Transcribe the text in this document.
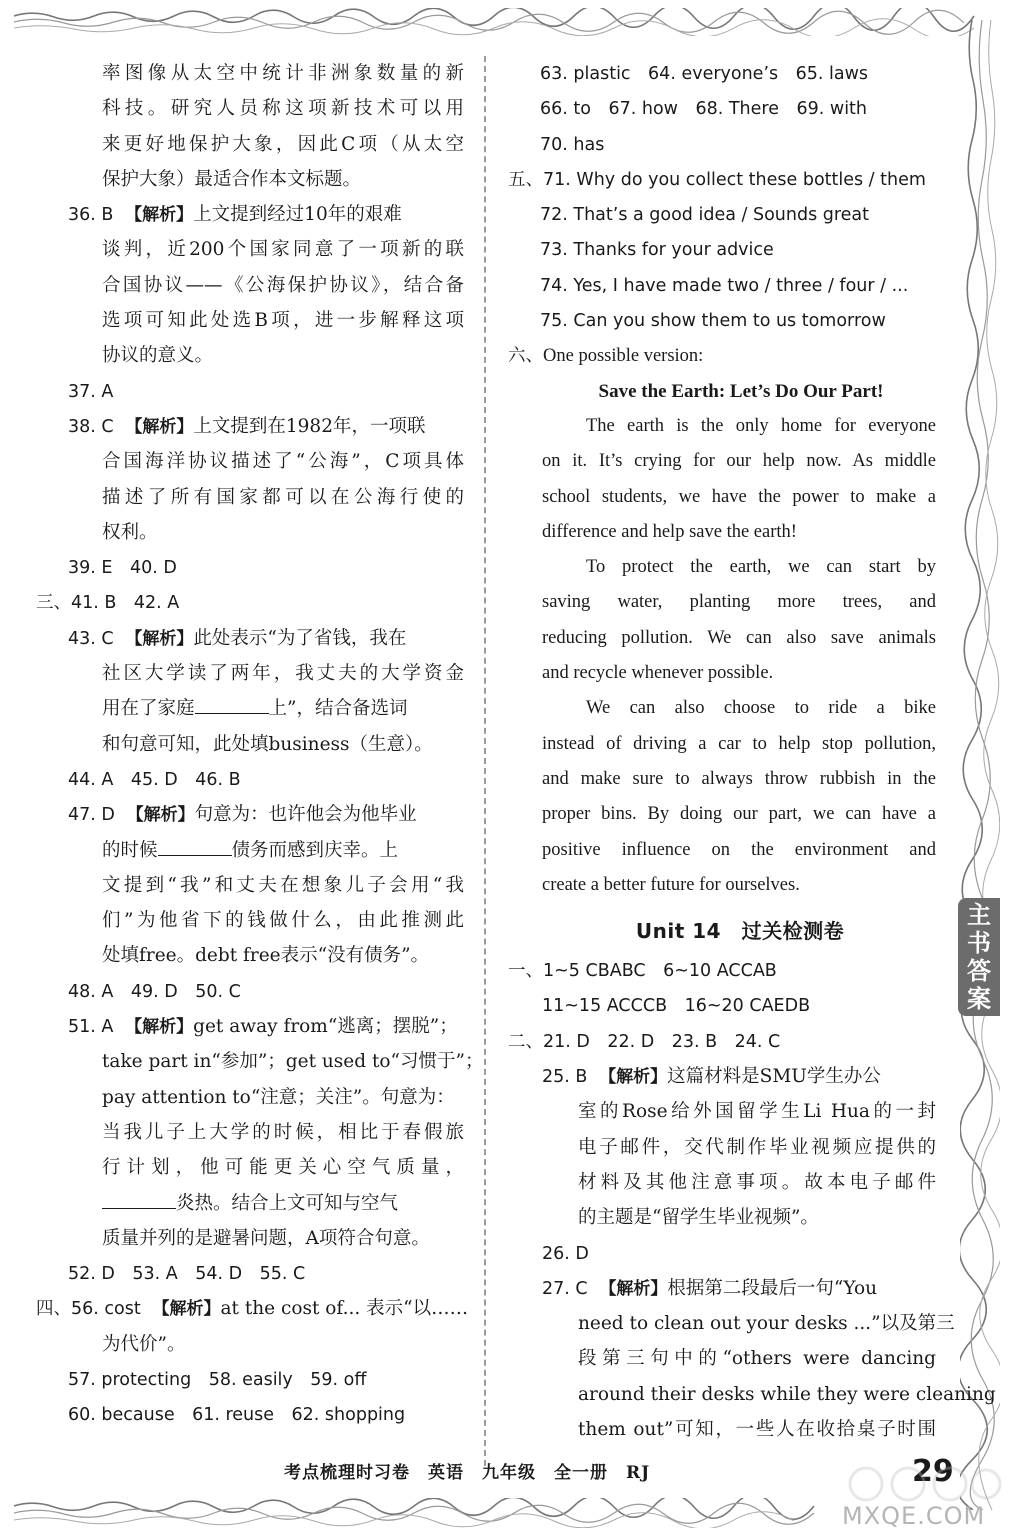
率图像从太空中统计非洲象数量的新
科技。研究人员称这项新技术可以用
来更好地保护大象，因此C项（从太空
保护大象）最适合作本文标题。
36. B 【解析】上文提到经过10年的艰难
谈判，近200个国家同意了一项新的联
合国协议——《公海保护协议》，结合备
选项可知此处选B项，进一步解释这项
协议的意义。
37. A
38. C 【解析】上文提到在1982年，一项联
合国海洋协议描述了“公海”，C项具体
描述了所有国家都可以在公海行使的
权利。
39. E　40. D
三、41. B　42. A
43. C 【解析】此处表示“为了省钱，我在
社区大学读了两年，我丈夫的大学资金
用在了家庭	上”，结合备选词
和句意可知，此处填business（生意）。
44. A　45. D　46. B
47. D 【解析】句意为：也许他会为他毕业
的时候	债务而感到庆幸。上
文提到“我”和丈夫在想象儿子会用“我
们”为他省下的钱做什么，由此推测此
处填free。debt free表示“没有债务”。
48. A　49. D　50. C
51. A 【解析】get away from“逃离；摆脱”；
take part in“参加”；get used to“习惯于”；
pay attention to“注意；关注”。句意为：
当我儿子上大学的时候，相比于春假旅
行计划，他可能更关心空气质量，
炎热。结合上文可知与空气
质量并列的是避暑问题，A项符合句意。
52. D　53. A　54. D　55. C
四、56. cost 【解析】at the cost of... 表示“以……
为代价”。
57. protecting　58. easily　59. off
60. because　61. reuse　62. shopping
63. plastic　64. everyone’s　65. laws
66. to　67. how　68. There　69. with
70. has
五、71. Why do you collect these bottles / them
72. That’s a good idea / Sounds great
73. Thanks for your advice
74. Yes, I have made two / three / four / ...
75. Can you show them to us tomorrow
六、One possible version:
Save the Earth: Let’s Do Our Part!
The earth is the only home for everyone
on it. It’s crying for our help now. As middle
school students, we have the power to make a
difference and help save the earth!
To protect the earth, we can start by
saving water, planting more trees, and
reducing pollution. We can also save animals
and recycle whenever possible.
We can also choose to ride a bike
instead of driving a car to help stop pollution,
and make sure to always throw rubbish in the
proper bins. By doing our part, we can have a
positive influence on the environment and
create a better future for ourselves.
Unit 14　过关检测卷
一、1~5 CBABC　6~10 ACCAB
11~15 ACCCB　16~20 CAEDB
二、21. D　22. D　23. B　24. C
25. B 【解析】这篇材料是SMU学生办公
室的Rose给外国留学生Li Hua的一封
电子邮件，交代制作毕业视频应提供的
材料及其他注意事项。故本电子邮件
的主题是“留学生毕业视频”。
26. D
27. C 【解析】根据第二段最后一句“You
need to clean out your desks ...”以及第三
段第三句中的“others were dancing
around their desks while they were cleaning
them out”可知，一些人在收拾桌子时围
主书
答案
考点梳理时习卷　英语　九年级　全一册　RJ	29
MXQE.COM
